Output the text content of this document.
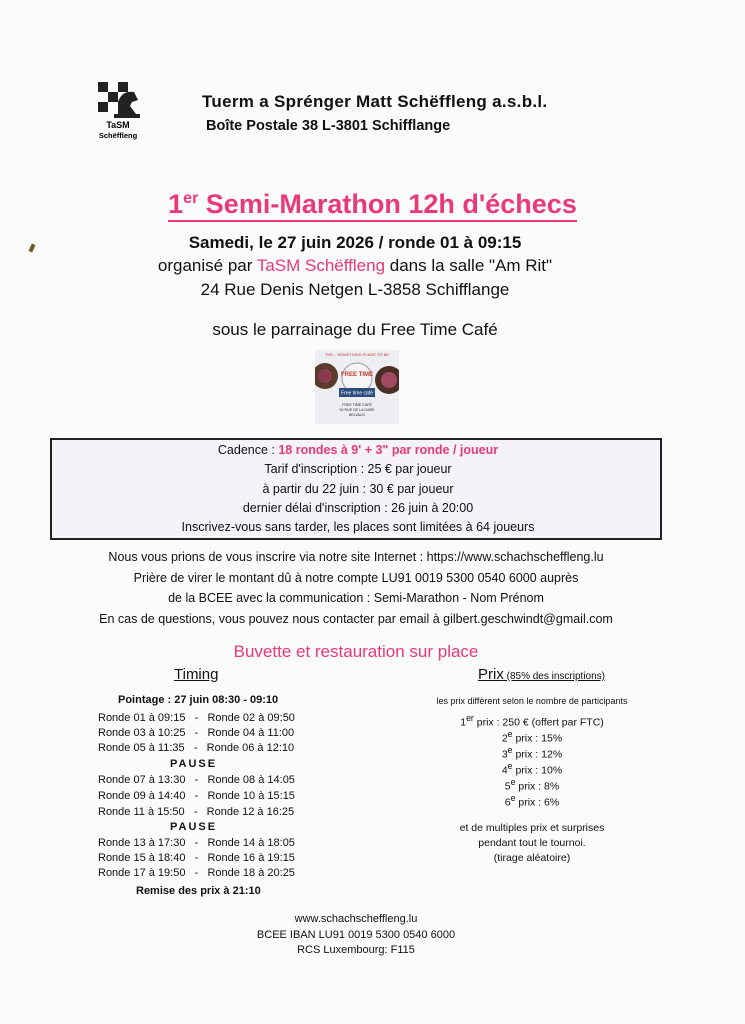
TaSM
Schëffleng
Tuerm a Sprénger Matt Schëffleng a.s.b.l.
Boîte Postale 38 L-3801 Schifflange
1er Semi-Marathon 12h d'échecs
Samedi, le 27 juin 2026 / ronde 01 à 09:15
organisé par TaSM Schëffleng dans la salle "Am Rit"
24 Rue Denis Netgen L-3858 Schifflange
sous le parrainage du Free Time Café
Free time café
THE... SOMETHING PLACE TO BE
FREE TIME
FREE TIME CAFÉ
50 RUE DE LA GARE
BELVAUX
Cadence : 18 rondes à 9' + 3" par ronde / joueur
Tarif d'inscription : 25 € par joueur
à partir du 22 juin : 30 € par joueur
dernier délai d'inscription : 26 juin à 20:00
Inscrivez-vous sans tarder, les places sont limitées à 64 joueurs
Nous vous prions de vous inscrire via notre site Internet : https://www.schachscheffleng.lu
Prière de virer le montant dû à notre compte LU91 0019 5300 0540 6000 auprès
de la BCEE avec la communication : Semi-Marathon - Nom Prénom
En cas de questions, vous pouvez nous contacter par email à gilbert.geschwindt@gmail.com
Buvette et restauration sur place
Timing
Pointage : 27 juin 08:30 - 09:10
Ronde 01 à 09:15   -   Ronde 02 à 09:50
Ronde 03 à 10:25   -   Ronde 04 à 11:00
Ronde 05 à 11:35   -   Ronde 06 à 12:10
PAUSE
Ronde 07 à 13:30   -   Ronde 08 à 14:05
Ronde 09 à 14:40   -   Ronde 10 à 15:15
Ronde 11 à 15:50   -   Ronde 12 à 16:25
PAUSE
Ronde 13 à 17:30   -   Ronde 14 à 18:05
Ronde 15 à 18:40   -   Ronde 16 à 19:15
Ronde 17 à 19:50   -   Ronde 18 à 20:25
Remise des prix à 21:10
Prix (85% des inscriptions)
les prix diffèrent selon le nombre de participants
1er prix : 250 € (offert par FTC)
2e prix : 15%
3e prix : 12%
4e prix : 10%
5e prix : 8%
6e prix : 6%
et de multiples prix et surprises
pendant tout le tournoi.
(tirage aléatoire)
www.schachscheffleng.lu
BCEE IBAN LU91 0019 5300 0540 6000
RCS Luxembourg: F115
